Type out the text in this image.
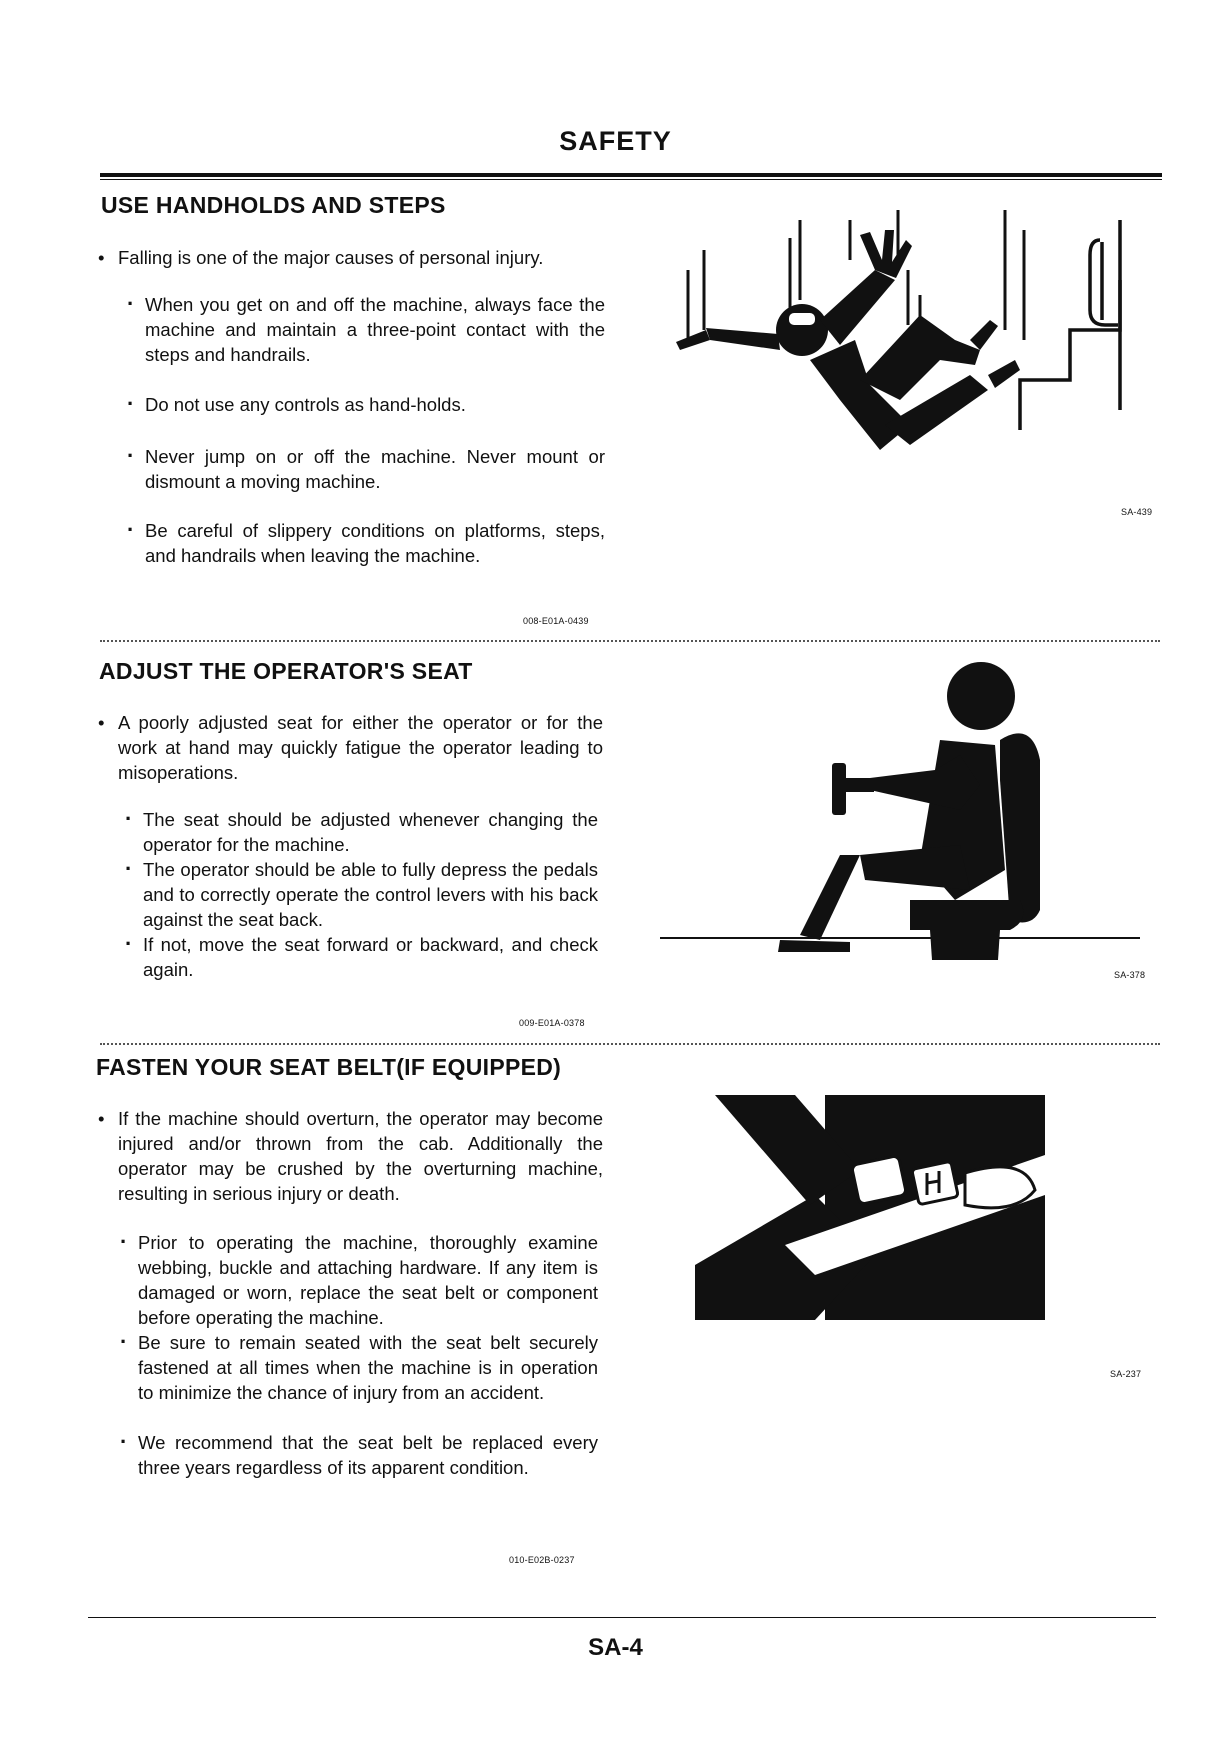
SAFETY
USE HANDHOLDS AND STEPS
• Falling is one of the major causes of personal injury.
· When you get on and off the machine, always face the machine and maintain a three-point contact with the steps and handrails.
· Do not use any controls as hand-holds.
· Never jump on or off the machine. Never mount or dismount a moving machine.
· Be careful of slippery conditions on platforms, steps, and handrails when leaving the machine.
SA-439
008-E01A-0439
ADJUST THE OPERATOR'S SEAT
• A poorly adjusted seat for either the operator or for the work at hand may quickly fatigue the operator leading to misoperations.
· The seat should be adjusted whenever changing the operator for the machine.
· The operator should be able to fully depress the pedals and to correctly operate the control levers with his back against the seat back.
· If not, move the seat forward or backward, and check again.	SA-378
009-E01A-0378
FASTEN YOUR SEAT BELT(IF EQUIPPED)
• If the machine should overturn, the operator may become injured and/or thrown from the cab. Additionally the operator may be crushed by the overturning machine, resulting in serious injury or death.
· Prior to operating the machine, thoroughly examine webbing, buckle and attaching hardware. If any item is damaged or worn, replace the seat belt or component before operating the machine.
· Be sure to remain seated with the seat belt securely fastened at all times when the machine is in operation to minimize the chance of injury from an accident.
· We recommend that the seat belt be replaced every three years regardless of its apparent condition.
SA-237
010-E02B-0237
SA-4
